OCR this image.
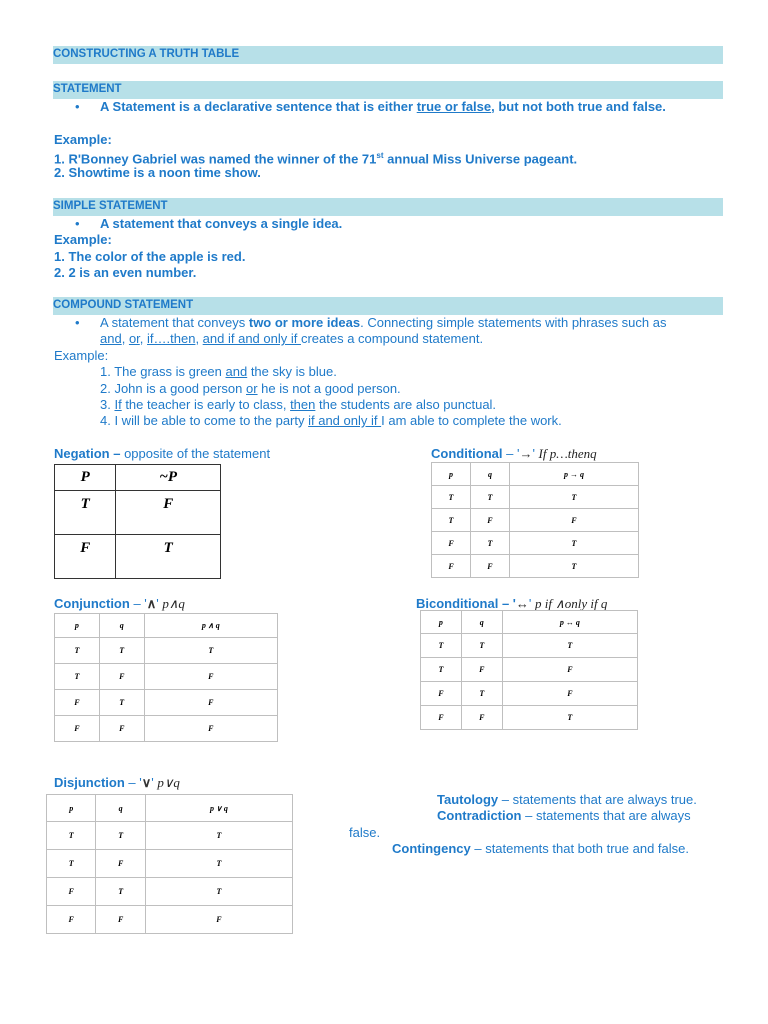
CONSTRUCTING A TRUTH TABLE
STATEMENT
• A Statement is a declarative sentence that is either true or false, but not both true and false.
Example:
1. R'Bonney Gabriel was named the winner of the 71st annual Miss Universe pageant.
2. Showtime is a noon time show.
SIMPLE STATEMENT
• A statement that conveys a single idea.
Example:
1. The color of the apple is red.
2. 2 is an even number.
COMPOUND STATEMENT
• A statement that conveys two or more ideas. Connecting simple statements with phrases such as
and, or, if….then, and if and only if creates a compound statement.
Example:
1. The grass is green and the sky is blue.
2. John is a good person or he is not a good person.
3. If the teacher is early to class, then the students are also punctual.
4. I will be able to come to the party if and only if I am able to complete the work.
Negation – opposite of the statement
P	~P
T	F
F	T
Conditional – '→' If p…thenq
p	q	p → q
T	T	T
T	F	F
F	T	T
F	F	T
Conjunction – '∧' p∧q
p	q	p ∧ q
T	T	T
T	F	F
F	T	F
F	F	F
Biconditional – '↔' p if ∧only if q
p	q	p ↔ q
T	T	T
T	F	F
F	T	F
F	F	T
Disjunction – '∨' p∨q
p	q	p ∨ q
T	T	T
T	F	T
F	T	T
F	F	F
Tautology – statements that are always true.
Contradiction – statements that are always
false.
Contingency – statements that both true and false.
